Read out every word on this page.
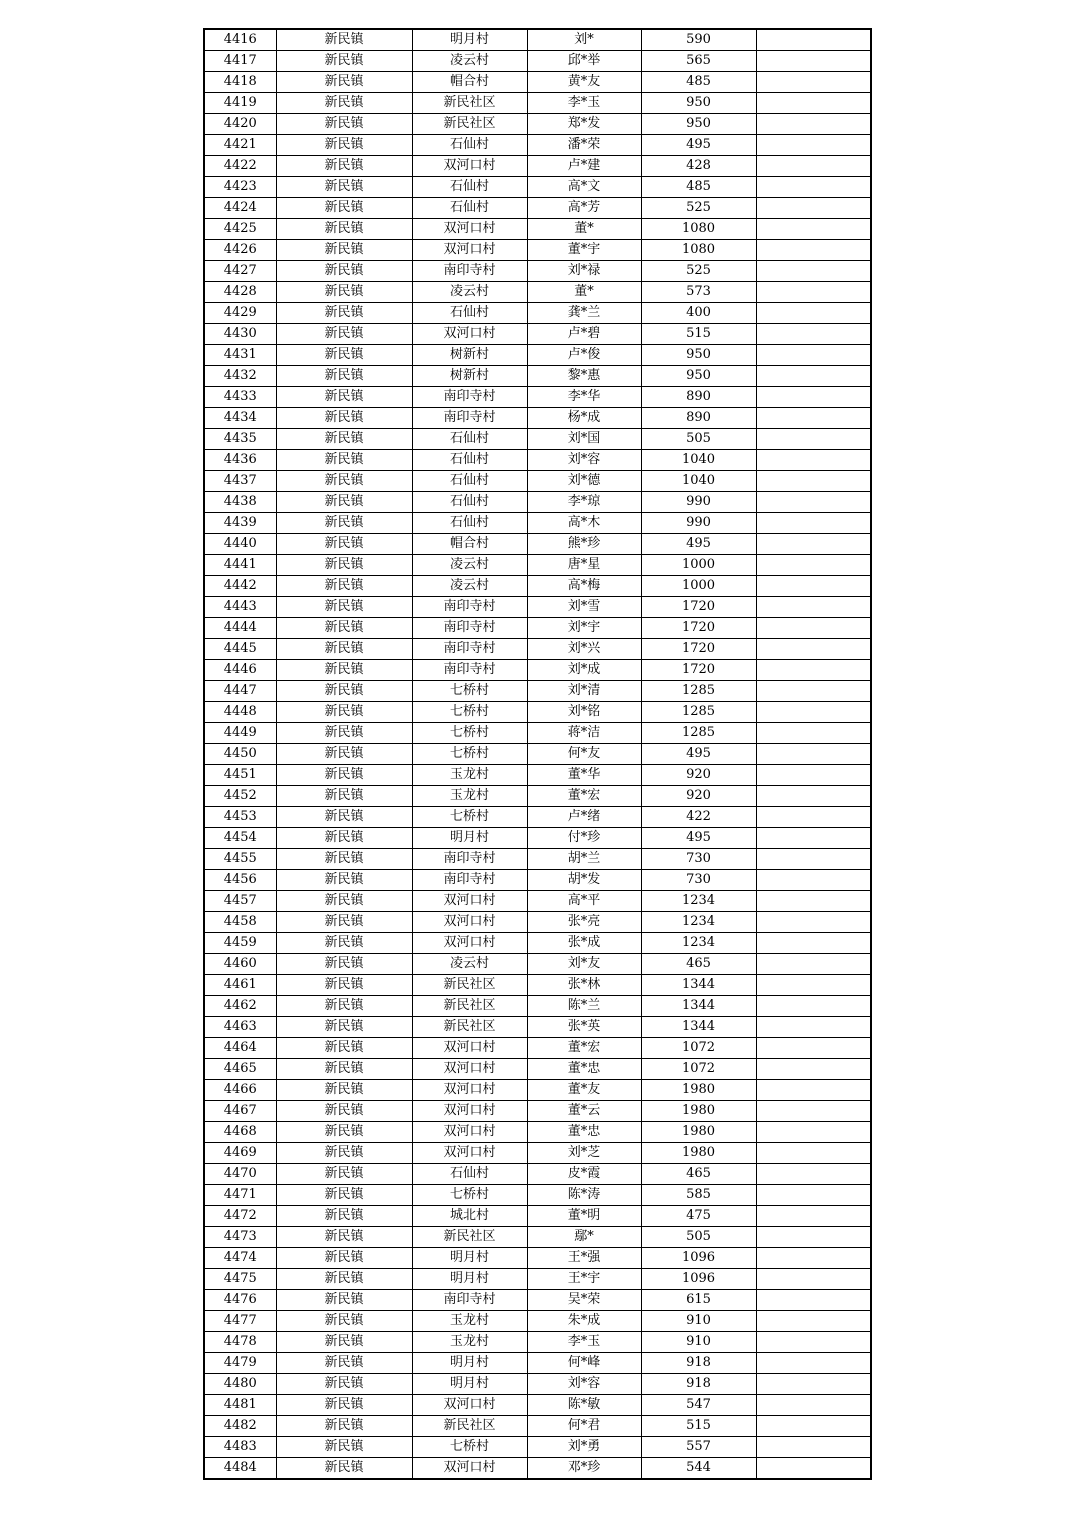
4416	新民镇	明月村	刘*	590	
4417	新民镇	凌云村	邱*举	565	
4418	新民镇	帽合村	黄*友	485	
4419	新民镇	新民社区	李*玉	950	
4420	新民镇	新民社区	郑*发	950	
4421	新民镇	石仙村	潘*荣	495	
4422	新民镇	双河口村	卢*建	428	
4423	新民镇	石仙村	高*文	485	
4424	新民镇	石仙村	高*芳	525	
4425	新民镇	双河口村	董*	1080	
4426	新民镇	双河口村	董*宇	1080	
4427	新民镇	南印寺村	刘*禄	525	
4428	新民镇	凌云村	董*	573	
4429	新民镇	石仙村	龚*兰	400	
4430	新民镇	双河口村	卢*碧	515	
4431	新民镇	树新村	卢*俊	950	
4432	新民镇	树新村	黎*惠	950	
4433	新民镇	南印寺村	李*华	890	
4434	新民镇	南印寺村	杨*成	890	
4435	新民镇	石仙村	刘*国	505	
4436	新民镇	石仙村	刘*容	1040	
4437	新民镇	石仙村	刘*德	1040	
4438	新民镇	石仙村	李*琼	990	
4439	新民镇	石仙村	高*木	990	
4440	新民镇	帽合村	熊*珍	495	
4441	新民镇	凌云村	唐*星	1000	
4442	新民镇	凌云村	高*梅	1000	
4443	新民镇	南印寺村	刘*雪	1720	
4444	新民镇	南印寺村	刘*宇	1720	
4445	新民镇	南印寺村	刘*兴	1720	
4446	新民镇	南印寺村	刘*成	1720	
4447	新民镇	七桥村	刘*清	1285	
4448	新民镇	七桥村	刘*铭	1285	
4449	新民镇	七桥村	蒋*洁	1285	
4450	新民镇	七桥村	何*友	495	
4451	新民镇	玉龙村	董*华	920	
4452	新民镇	玉龙村	董*宏	920	
4453	新民镇	七桥村	卢*绪	422	
4454	新民镇	明月村	付*珍	495	
4455	新民镇	南印寺村	胡*兰	730	
4456	新民镇	南印寺村	胡*发	730	
4457	新民镇	双河口村	高*平	1234	
4458	新民镇	双河口村	张*亮	1234	
4459	新民镇	双河口村	张*成	1234	
4460	新民镇	凌云村	刘*友	465	
4461	新民镇	新民社区	张*林	1344	
4462	新民镇	新民社区	陈*兰	1344	
4463	新民镇	新民社区	张*英	1344	
4464	新民镇	双河口村	董*宏	1072	
4465	新民镇	双河口村	董*忠	1072	
4466	新民镇	双河口村	董*友	1980	
4467	新民镇	双河口村	董*云	1980	
4468	新民镇	双河口村	董*忠	1980	
4469	新民镇	双河口村	刘*芝	1980	
4470	新民镇	石仙村	皮*霞	465	
4471	新民镇	七桥村	陈*涛	585	
4472	新民镇	城北村	董*明	475	
4473	新民镇	新民社区	鄢*	505	
4474	新民镇	明月村	王*强	1096	
4475	新民镇	明月村	王*宇	1096	
4476	新民镇	南印寺村	吴*荣	615	
4477	新民镇	玉龙村	朱*成	910	
4478	新民镇	玉龙村	李*玉	910	
4479	新民镇	明月村	何*峰	918	
4480	新民镇	明月村	刘*容	918	
4481	新民镇	双河口村	陈*敏	547	
4482	新民镇	新民社区	何*君	515	
4483	新民镇	七桥村	刘*勇	557	
4484	新民镇	双河口村	邓*珍	544	
